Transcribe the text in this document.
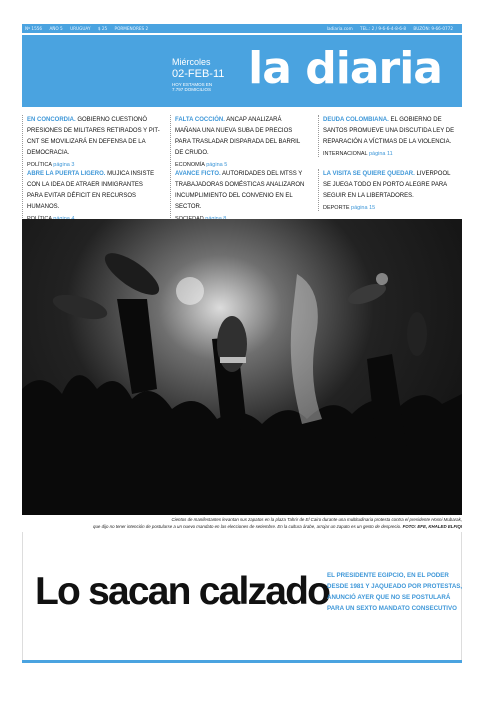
Nº 1556 AÑO 5 URUGUAY $ 25 PORMENORES 2	ladiaria.com TEL.: 2 / 9-6-6-4-8-6-8 BUZÓN: 9-66-0772
Miércoles
02-FEB-11
HOY ESTAMOS EN
7.797 DOMICILIOS la diaria
EN CONCORDIA. GOBIERNO CUESTIONÓ PRESIONES DE MILITARES RETIRADOS Y PIT-CNT SE MOVILIZARÁ EN DEFENSA DE LA DEMOCRACIA.
POLÍTICA página 3
FALTA COCCIÓN. ANCAP ANALIZARÁ MAÑANA UNA NUEVA SUBA DE PRECIOS PARA TRASLADAR DISPARADA DEL BARRIL DE CRUDO.
ECONOMÍA página 5
DEUDA COLOMBIANA. EL GOBIERNO DE SANTOS PROMUEVE UNA DISCUTIDA LEY DE REPARACIÓN A VÍCTIMAS DE LA VIOLENCIA.
INTERNACIONAL página 11
ABRE LA PUERTA LIGERO. MUJICA INSISTE CON LA IDEA DE ATRAER INMIGRANTES PARA EVITAR DÉFICIT EN RECURSOS HUMANOS.
AVANCE FICTO. AUTORIDADES DEL MTSS Y TRABAJADORAS DOMÉSTICAS ANALIZARON INCUMPLIMIENTO DEL CONVENIO EN EL SECTOR.
LA VISITA SE QUIERE QUEDAR. LIVERPOOL SE JUEGA TODO EN PORTO ALEGRE PARA SEGUIR EN LA LIBERTADORES.
DEPORTE página 15
Cientos de manifestantes levantan sus zapatos en la plaza Tahrir de El Cairo durante una multitudinaria protesta contra el presidente Hosni Mubarak,
que dijo no tener intención de postularse a un nuevo mandato en las elecciones de setiembre. En la cultura árabe, arrojar un zapato es un gesto de desprecio. FOTO: EFE, KHALED ELFIQI
Lo sacan calzado
EL PRESIDENTE EGIPCIO, EN EL PODER DESDE 1981 Y JAQUEADO POR PROTESTAS, ANUNCIÓ AYER QUE NO SE POSTULARÁ PARA UN SEXTO MANDATO CONSECUTIVO
